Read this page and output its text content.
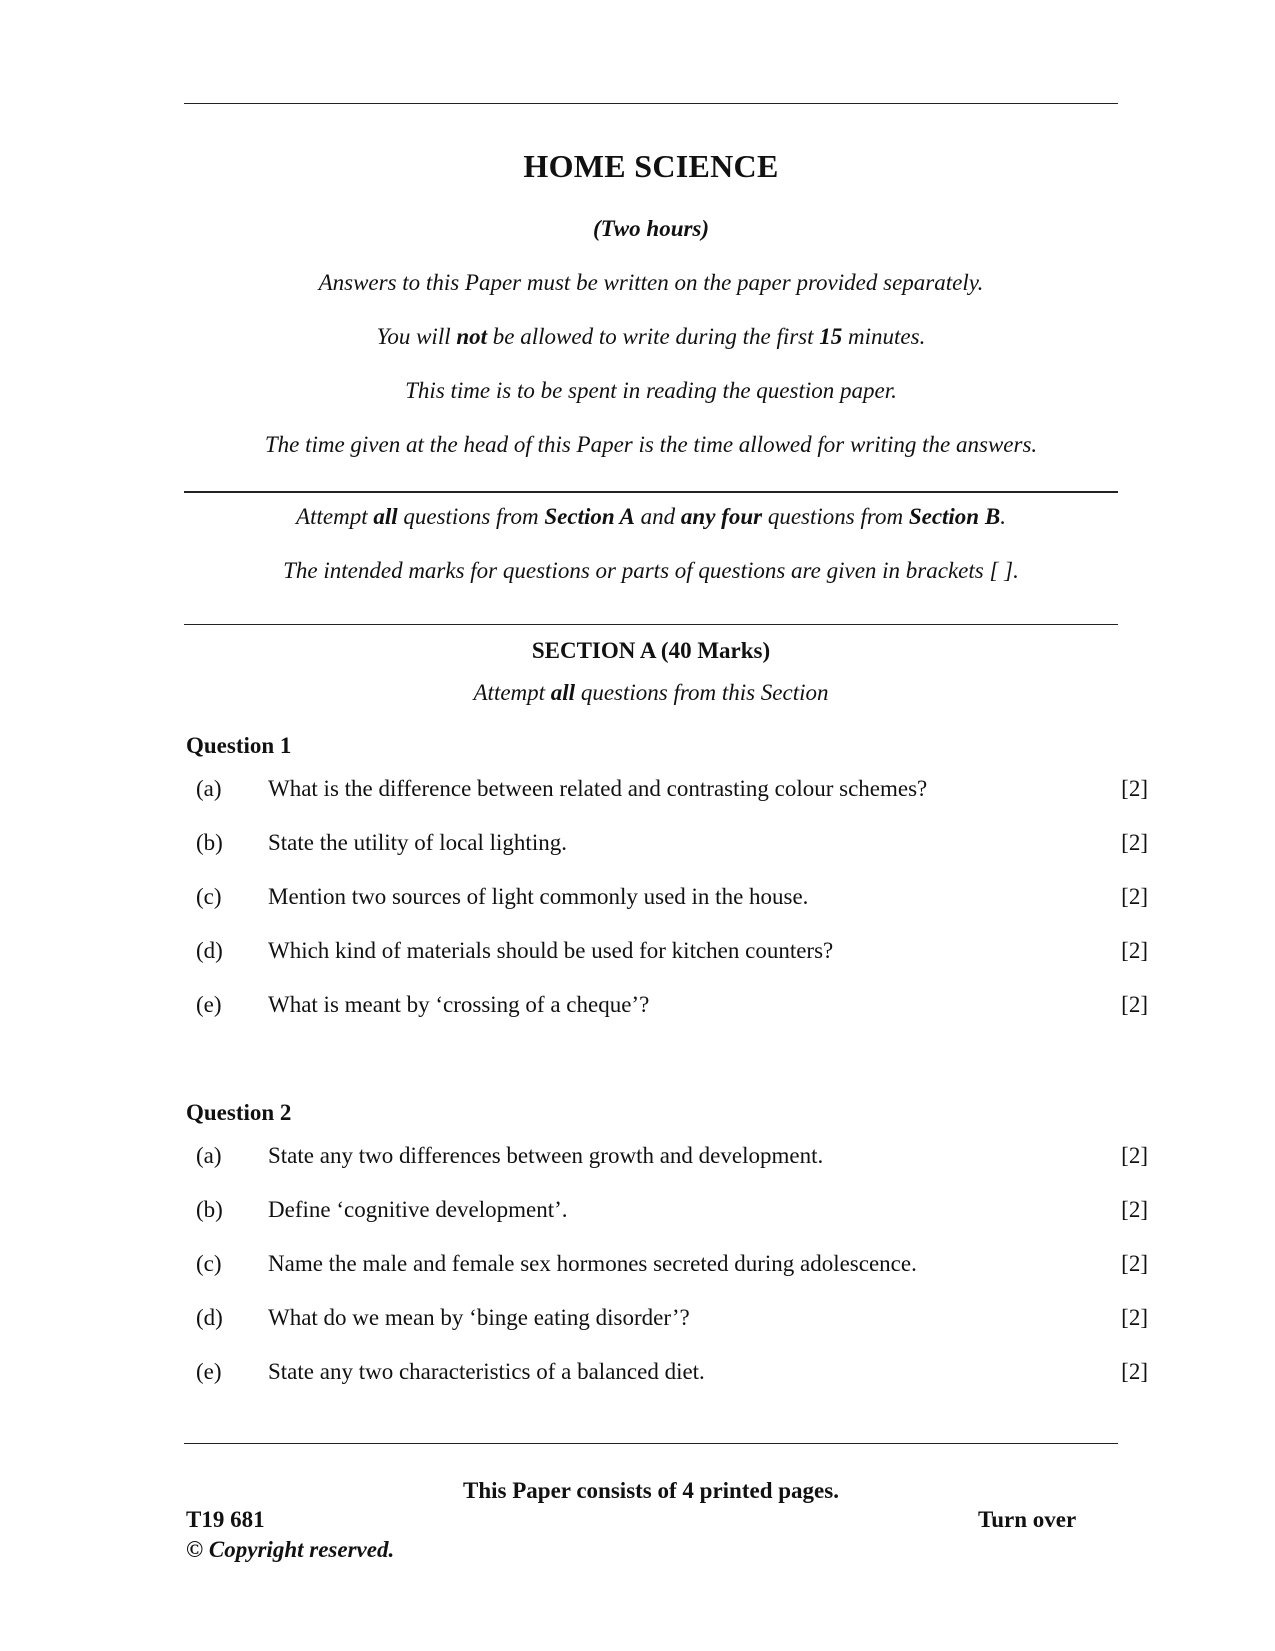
HOME SCIENCE
(Two hours)
Answers to this Paper must be written on the paper provided separately.
You will not be allowed to write during the first 15 minutes.
This time is to be spent in reading the question paper.
The time given at the head of this Paper is the time allowed for writing the answers.
Attempt all questions from Section A and any four questions from Section B.
The intended marks for questions or parts of questions are given in brackets [ ].
SECTION A (40 Marks)
Attempt all questions from this Section
Question 1
(a) What is the difference between related and contrasting colour schemes?	[2]
(b) State the utility of local lighting.	[2]
(c) Mention two sources of light commonly used in the house.	[2]
(d) Which kind of materials should be used for kitchen counters?	[2]
(e) What is meant by ‘crossing of a cheque’?	[2]
Question 2
(a) State any two differences between growth and development.	[2]
(b) Define ‘cognitive development’.	[2]
(c) Name the male and female sex hormones secreted during adolescence.	[2]
(d) What do we mean by ‘binge eating disorder’?	[2]
(e) State any two characteristics of a balanced diet.	[2]
This Paper consists of 4 printed pages.
T19 681	Turn over
© Copyright reserved.
